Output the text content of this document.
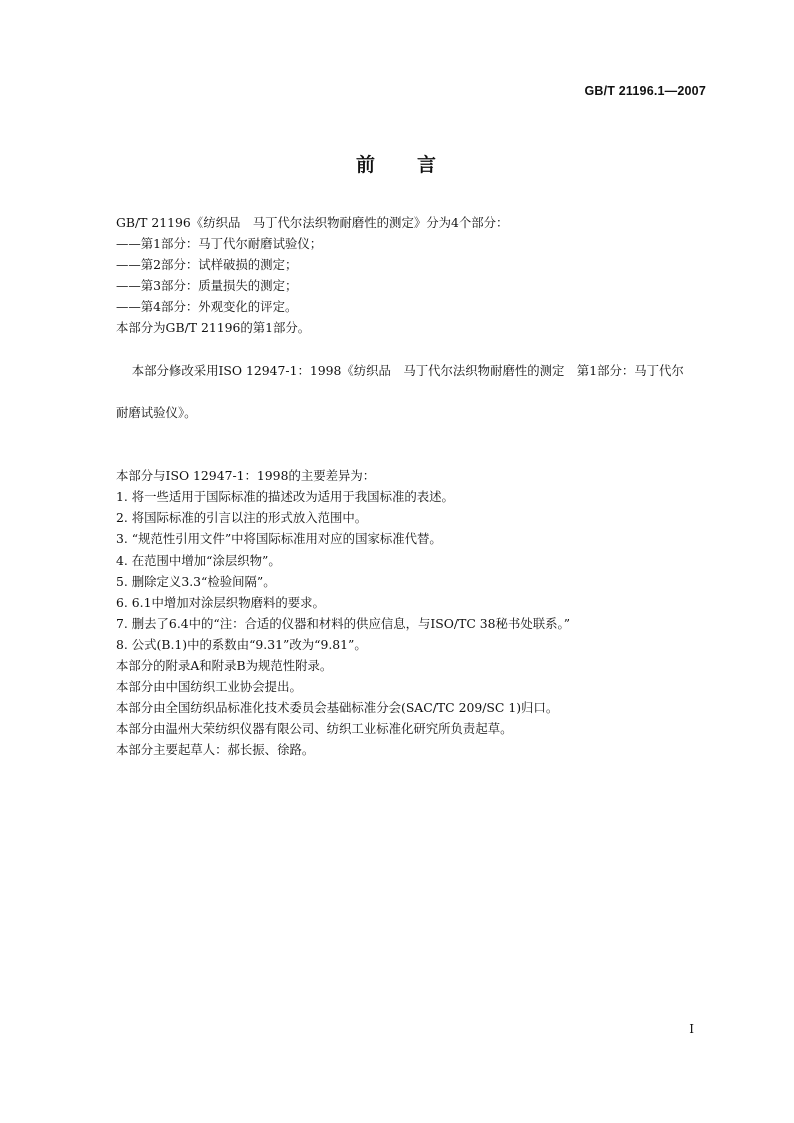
GB/T 21196.1—2007
前 言

GB/T 21196《纺织品　马丁代尔法织物耐磨性的测定》分为4个部分：

——第1部分：马丁代尔耐磨试验仪；

——第2部分：试样破损的测定；

——第3部分：质量损失的测定；

——第4部分：外观变化的评定。

本部分为GB/T 21196的第1部分。

本部分修改采用ISO 12947-1：1998《纺织品　马丁代尔法织物耐磨性的测定　第1部分：马丁代尔

耐磨试验仪》。

本部分与ISO 12947-1：1998的主要差异为：

1. 将一些适用于国际标准的描述改为适用于我国标准的表述。

2. 将国际标准的引言以注的形式放入范围中。

3. “规范性引用文件”中将国际标准用对应的国家标准代替。

4. 在范围中增加“涂层织物”。

5. 删除定义3.3“检验间隔”。

6. 6.1中增加对涂层织物磨料的要求。

7. 删去了6.4中的“注：合适的仪器和材料的供应信息，与ISO/TC 38秘书处联系。”

8. 公式(B.1)中的系数由“9.31”改为“9.81”。

本部分的附录A和附录B为规范性附录。

本部分由中国纺织工业协会提出。

本部分由全国纺织品标准化技术委员会基础标准分会(SAC/TC 209/SC 1)归口。

本部分由温州大荣纺织仪器有限公司、纺织工业标准化研究所负责起草。

本部分主要起草人：郝长振、徐路。

I
